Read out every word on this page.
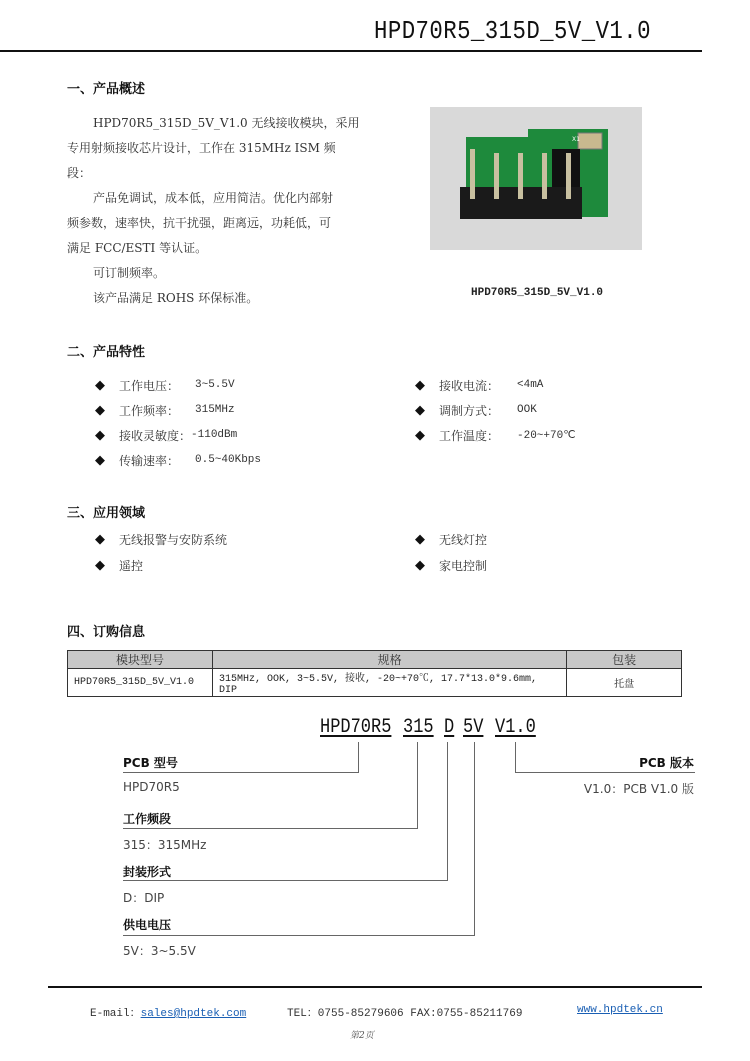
HPD70R5_315D_5V_V1.0
一、产品概述
HPD70R5_315D_5V_V1.0 无线接收模块，采用
专用射频接收芯片设计，工作在 315MHz ISM 频
段：
产品免调试，成本低，应用简洁。优化内部射
频参数，速率快，抗干扰强，距离远，功耗低，可
满足 FCC/ESTI 等认证。
可订制频率。
该产品满足 ROHS 环保标准。
X1
HPD70R5_315D_5V_V1.0
二、产品特性
◆ 工作电压：	3~5.5V
◆ 工作频率：	315MHz
◆ 接收灵敏度： -110dBm
◆ 传输速率：	0.5~40Kbps
◆ 接收电流：	<4mA
◆ 调制方式：	OOK
◆ 工作温度：	-20~+70℃
三、应用领域
◆ 无线报警与安防系统
◆ 遥控
◆ 无线灯控
◆ 家电控制
四、订购信息
模块型号	规格	包装
HPD70R5_315D_5V_V1.0	315MHz, OOK, 3~5.5V, 接收, -20~+70℃, 17.7*13.0*9.6mm, DIP	托盘
HPD70R5 315 D 5V V1.0
PCB 型号
HPD70R5
工作频段
315：315MHz
封装形式
D：DIP
供电电压
5V：3~5.5V
PCB 版本
V1.0：PCB V1.0 版
E-mail：sales@hpdtek.com	TEL：0755-85279606 FAX:0755-85211769	www.hpdtek.cn
第2页
